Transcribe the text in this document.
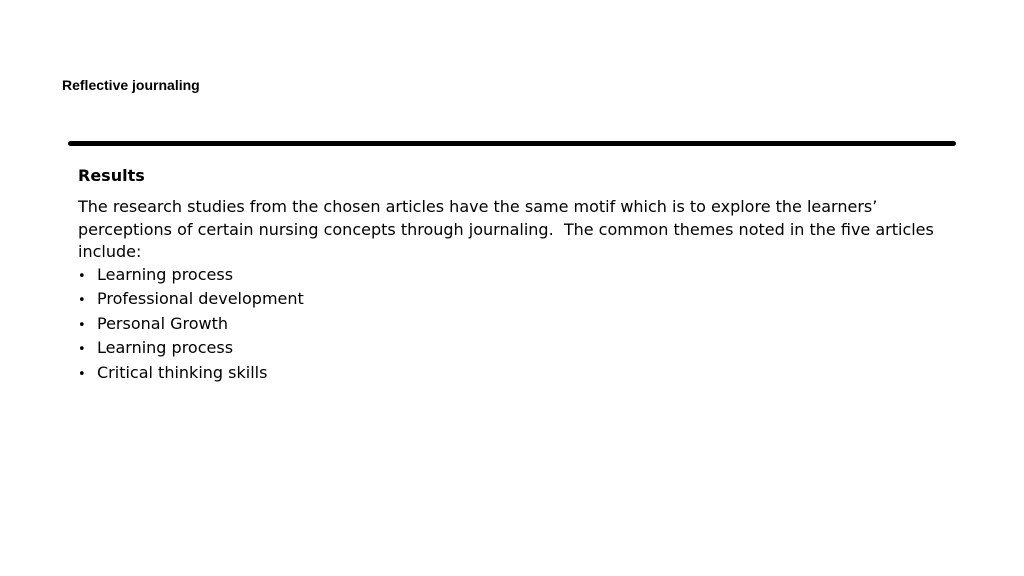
Reflective journaling

Results

The research studies from the chosen articles have the same motif which is to explore the learners’ perceptions of certain nursing concepts through journaling.  The common themes noted in the five articles include:

• Learning process
• Professional development
• Personal Growth
• Learning process
• Critical thinking skills
